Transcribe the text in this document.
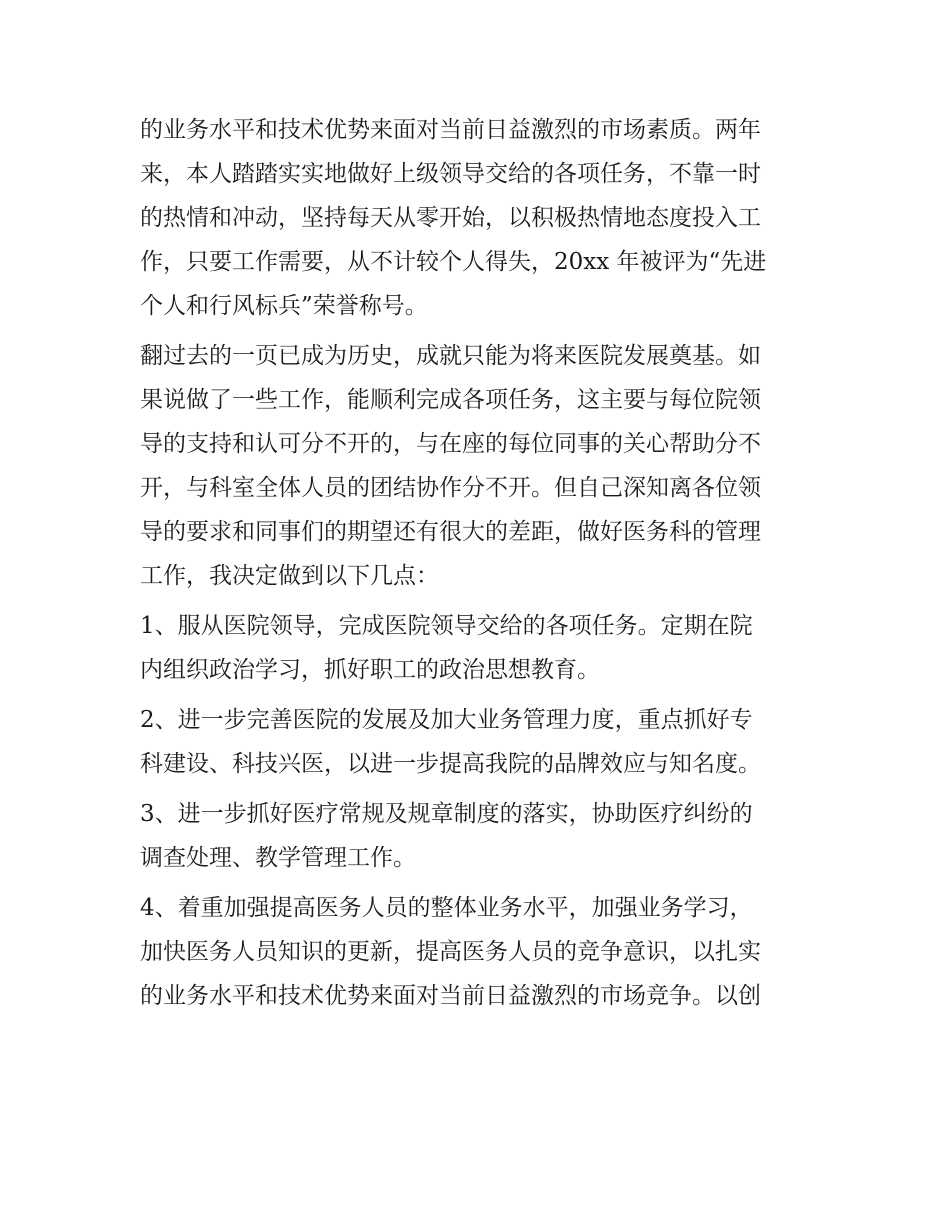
的业务水平和技术优势来面对当前日益激烈的市场素质。两年

来，本人踏踏实实地做好上级领导交给的各项任务，不靠一时

的热情和冲动，坚持每天从零开始，以积极热情地态度投入工

作，只要工作需要，从不计较个人得失，20xx 年被评为“先进

个人和行风标兵”荣誉称号。

翻过去的一页已成为历史，成就只能为将来医院发展奠基。如

果说做了一些工作，能顺利完成各项任务，这主要与每位院领

导的支持和认可分不开的，与在座的每位同事的关心帮助分不

开，与科室全体人员的团结协作分不开。但自己深知离各位领

导的要求和同事们的期望还有很大的差距，做好医务科的管理

工作，我决定做到以下几点：

1、服从医院领导，完成医院领导交给的各项任务。定期在院

内组织政治学习，抓好职工的政治思想教育。

2、进一步完善医院的发展及加大业务管理力度，重点抓好专

科建设、科技兴医，以进一步提高我院的品牌效应与知名度。

3、进一步抓好医疗常规及规章制度的落实，协助医疗纠纷的

调查处理、教学管理工作。

4、着重加强提高医务人员的整体业务水平，加强业务学习，

加快医务人员知识的更新，提高医务人员的竞争意识，以扎实

的业务水平和技术优势来面对当前日益激烈的市场竞争。以创
